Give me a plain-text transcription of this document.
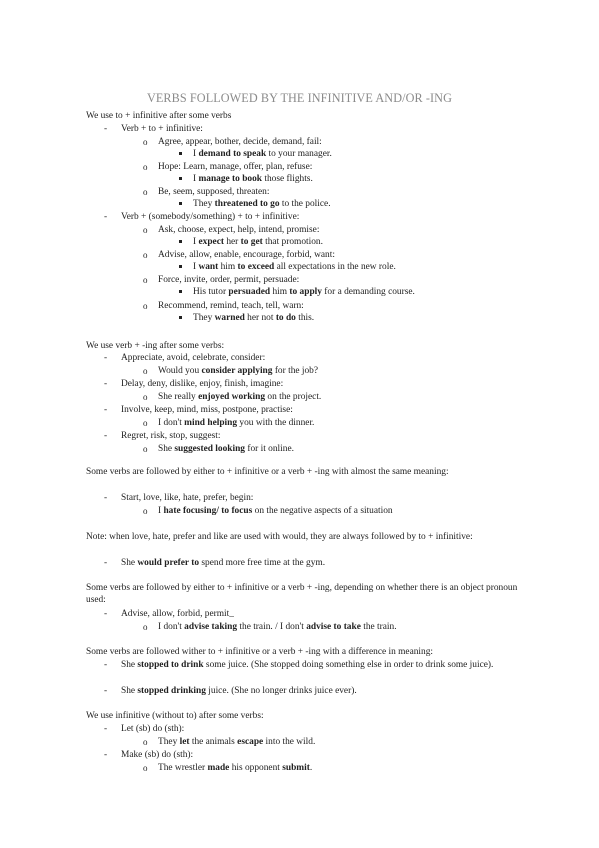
VERBS FOLLOWED BY THE INFINITIVE AND/OR -ING
We use to + infinitive after some verbs
-	Verb + to + infinitive:
o Agree, appear, bother, decide, demand, fail:
I demand to speak to your manager.
o Hope: Learn, manage, offer, plan, refuse:
I manage to book those flights.
o Be, seem, supposed, threaten:
They threatened to go to the police.
-	Verb + (somebody/something) + to + infinitive:
o Ask, choose, expect, help, intend, promise:
I expect her to get that promotion.
o Advise, allow, enable, encourage, forbid, want:
I want him to exceed all expectations in the new role.
o Force, invite, order, permit, persuade:
His tutor persuaded him to apply for a demanding course.
o Recommend, remind, teach, tell, warn:
They warned her not to do this.
We use verb + -ing after some verbs:
-	Appreciate, avoid, celebrate, consider:
o Would you consider applying for the job?
-	Delay, deny, dislike, enjoy, finish, imagine:
o She really enjoyed working on the project.
-	Involve, keep, mind, miss, postpone, practise:
o I don't mind helping you with the dinner.
-	Regret, risk, stop, suggest:
o She suggested looking for it online.
Some verbs are followed by either to + infinitive or a verb + -ing with almost the same meaning:
-	Start, love, like, hate, prefer, begin:
o I hate focusing/ to focus on the negative aspects of a situation
Note: when love, hate, prefer and like are used with would, they are always followed by to + infinitive:
-	She would prefer to spend more free time at the gym.
Some verbs are followed by either to + infinitive or a verb + -ing, depending on whether there is an object pronoun used:
-	Advise, allow, forbid, permit_
o I don't advise taking the train. / I don't advise to take the train.
Some verbs are followed wither to + infinitive or a verb + -ing with a difference in meaning:
-	She stopped to drink some juice. (She stopped doing something else in order to drink some juice).
-	She stopped drinking juice. (She no longer drinks juice ever).
We use infinitive (without to) after some verbs:
-	Let (sb) do (sth):
o They let the animals escape into the wild.
-	Make (sb) do (sth):
o The wrestler made his opponent submit.
